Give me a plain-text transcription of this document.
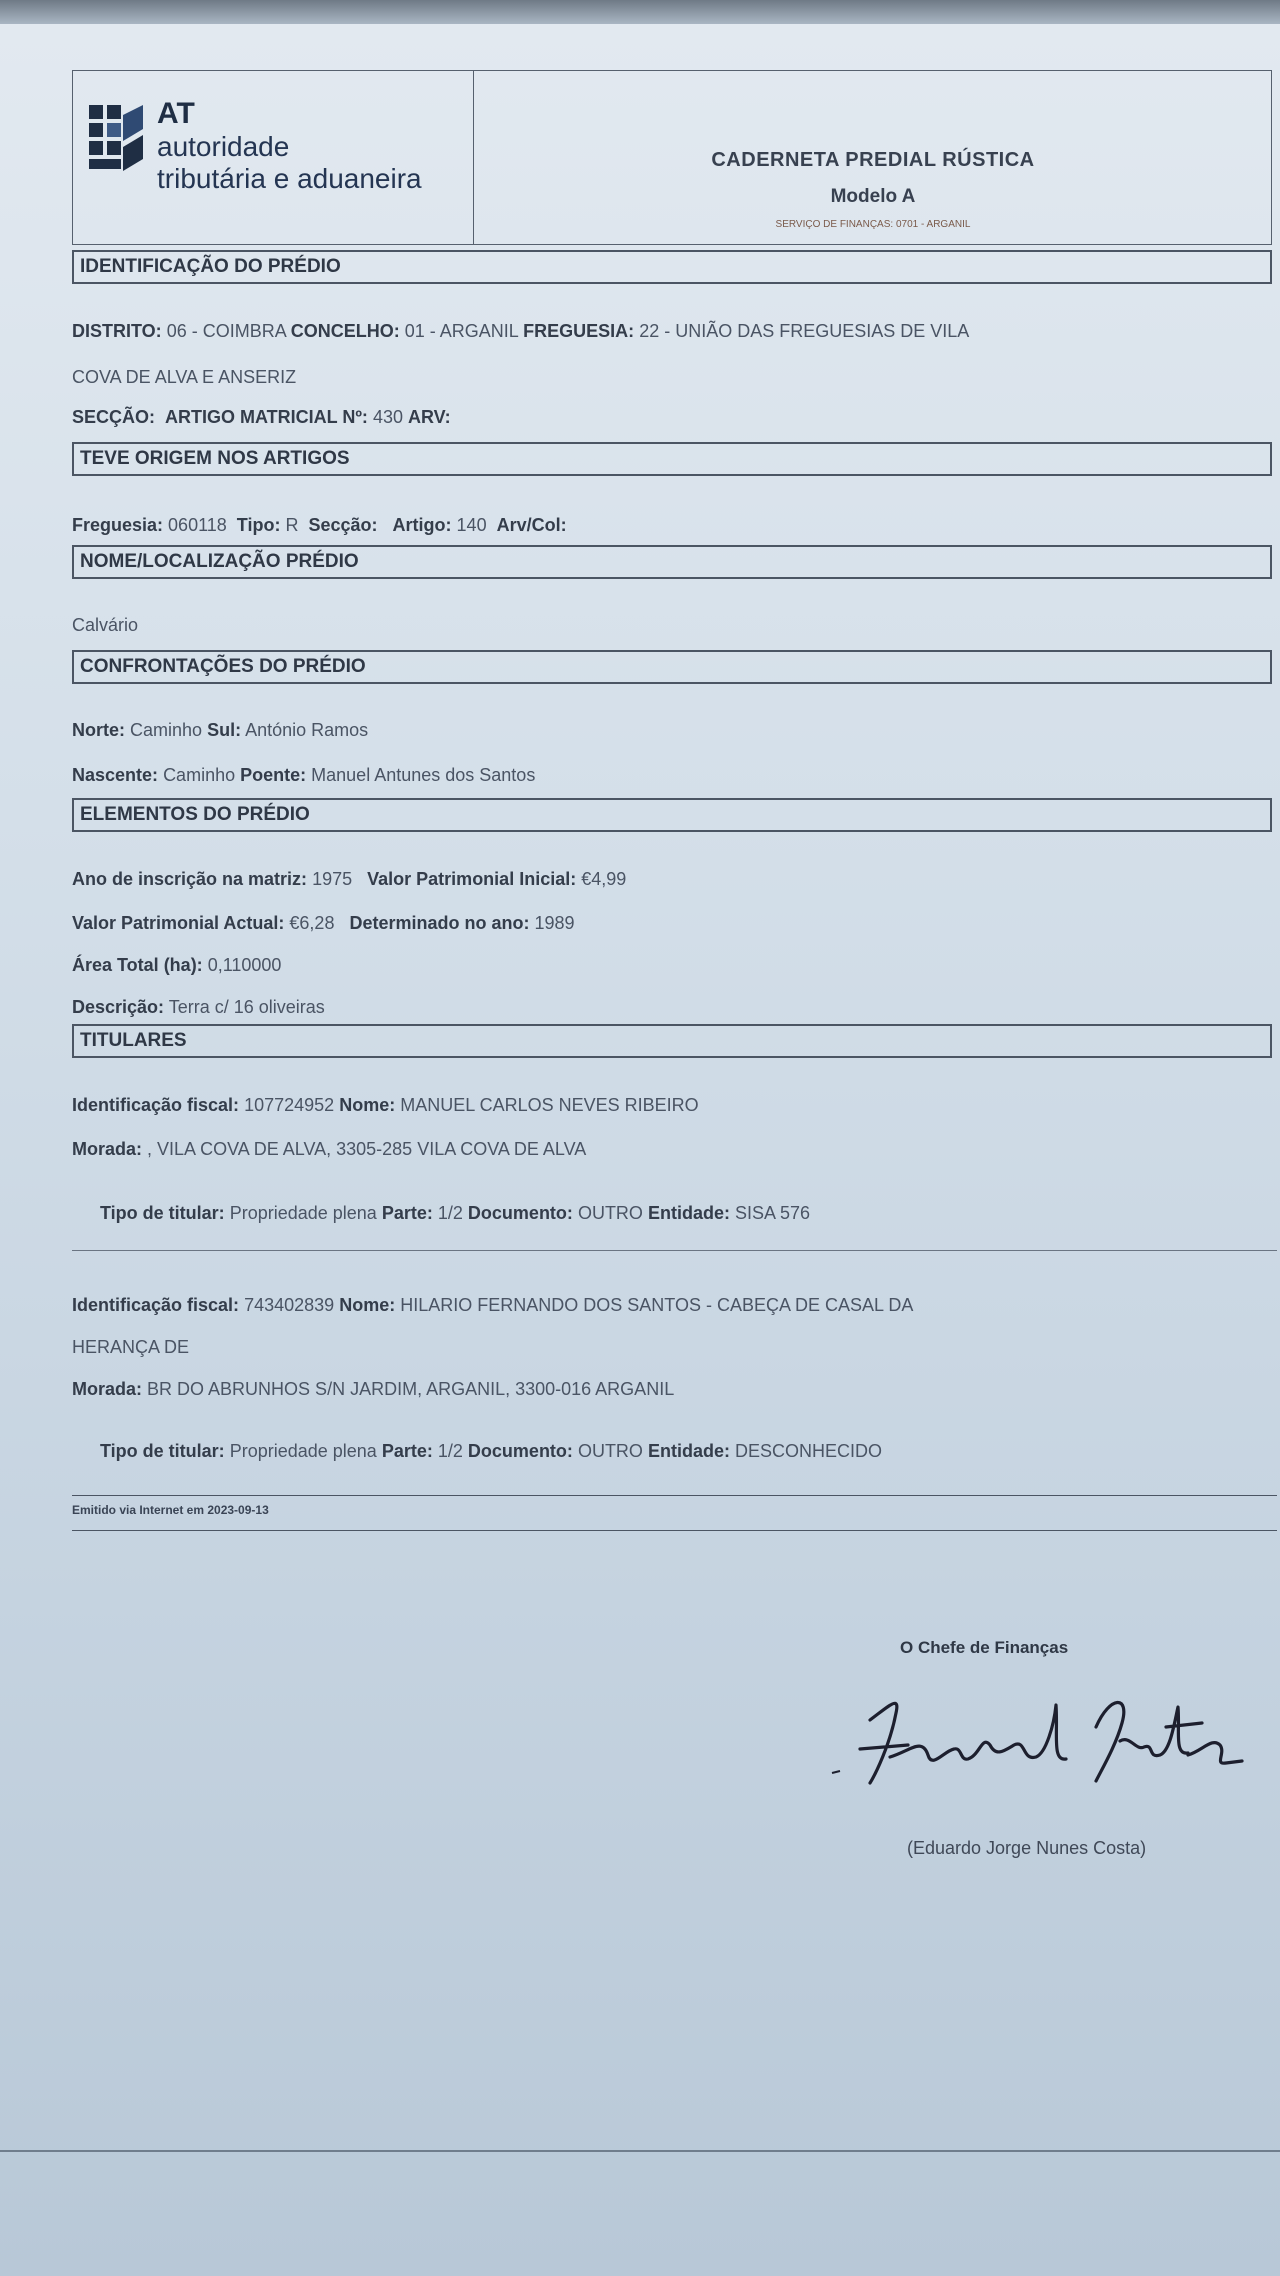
AT
autoridade
tributária e aduaneira
CADERNETA PREDIAL RÚSTICA
Modelo A
SERVIÇO DE FINANÇAS: 0701 - ARGANIL
IDENTIFICAÇÃO DO PRÉDIO
DISTRITO: 06 - COIMBRA CONCELHO: 01 - ARGANIL FREGUESIA: 22 - UNIÃO DAS FREGUESIAS DE VILA
COVA DE ALVA E ANSERIZ
SECÇÃO: ARTIGO MATRICIAL Nº: 430 ARV:
TEVE ORIGEM NOS ARTIGOS
Freguesia: 060118 Tipo: R Secção: Artigo: 140 Arv/Col:
NOME/LOCALIZAÇÃO PRÉDIO
Calvário
CONFRONTAÇÕES DO PRÉDIO
Norte: Caminho Sul: António Ramos
Nascente: Caminho Poente: Manuel Antunes dos Santos
ELEMENTOS DO PRÉDIO
Ano de inscrição na matriz: 1975 Valor Patrimonial Inicial: €4,99
Valor Patrimonial Actual: €6,28 Determinado no ano: 1989
Área Total (ha): 0,110000
Descrição: Terra c/ 16 oliveiras
TITULARES
Identificação fiscal: 107724952 Nome: MANUEL CARLOS NEVES RIBEIRO
Morada: , VILA COVA DE ALVA, 3305-285 VILA COVA DE ALVA
Tipo de titular: Propriedade plena Parte: 1/2 Documento: OUTRO Entidade: SISA 576
Identificação fiscal: 743402839 Nome: HILARIO FERNANDO DOS SANTOS - CABEÇA DE CASAL DA
HERANÇA DE
Morada: BR DO ABRUNHOS S/N JARDIM, ARGANIL, 3300-016 ARGANIL
Tipo de titular: Propriedade plena Parte: 1/2 Documento: OUTRO Entidade: DESCONHECIDO
Emitido via Internet em 2023-09-13
O Chefe de Finanças
(Eduardo Jorge Nunes Costa)
